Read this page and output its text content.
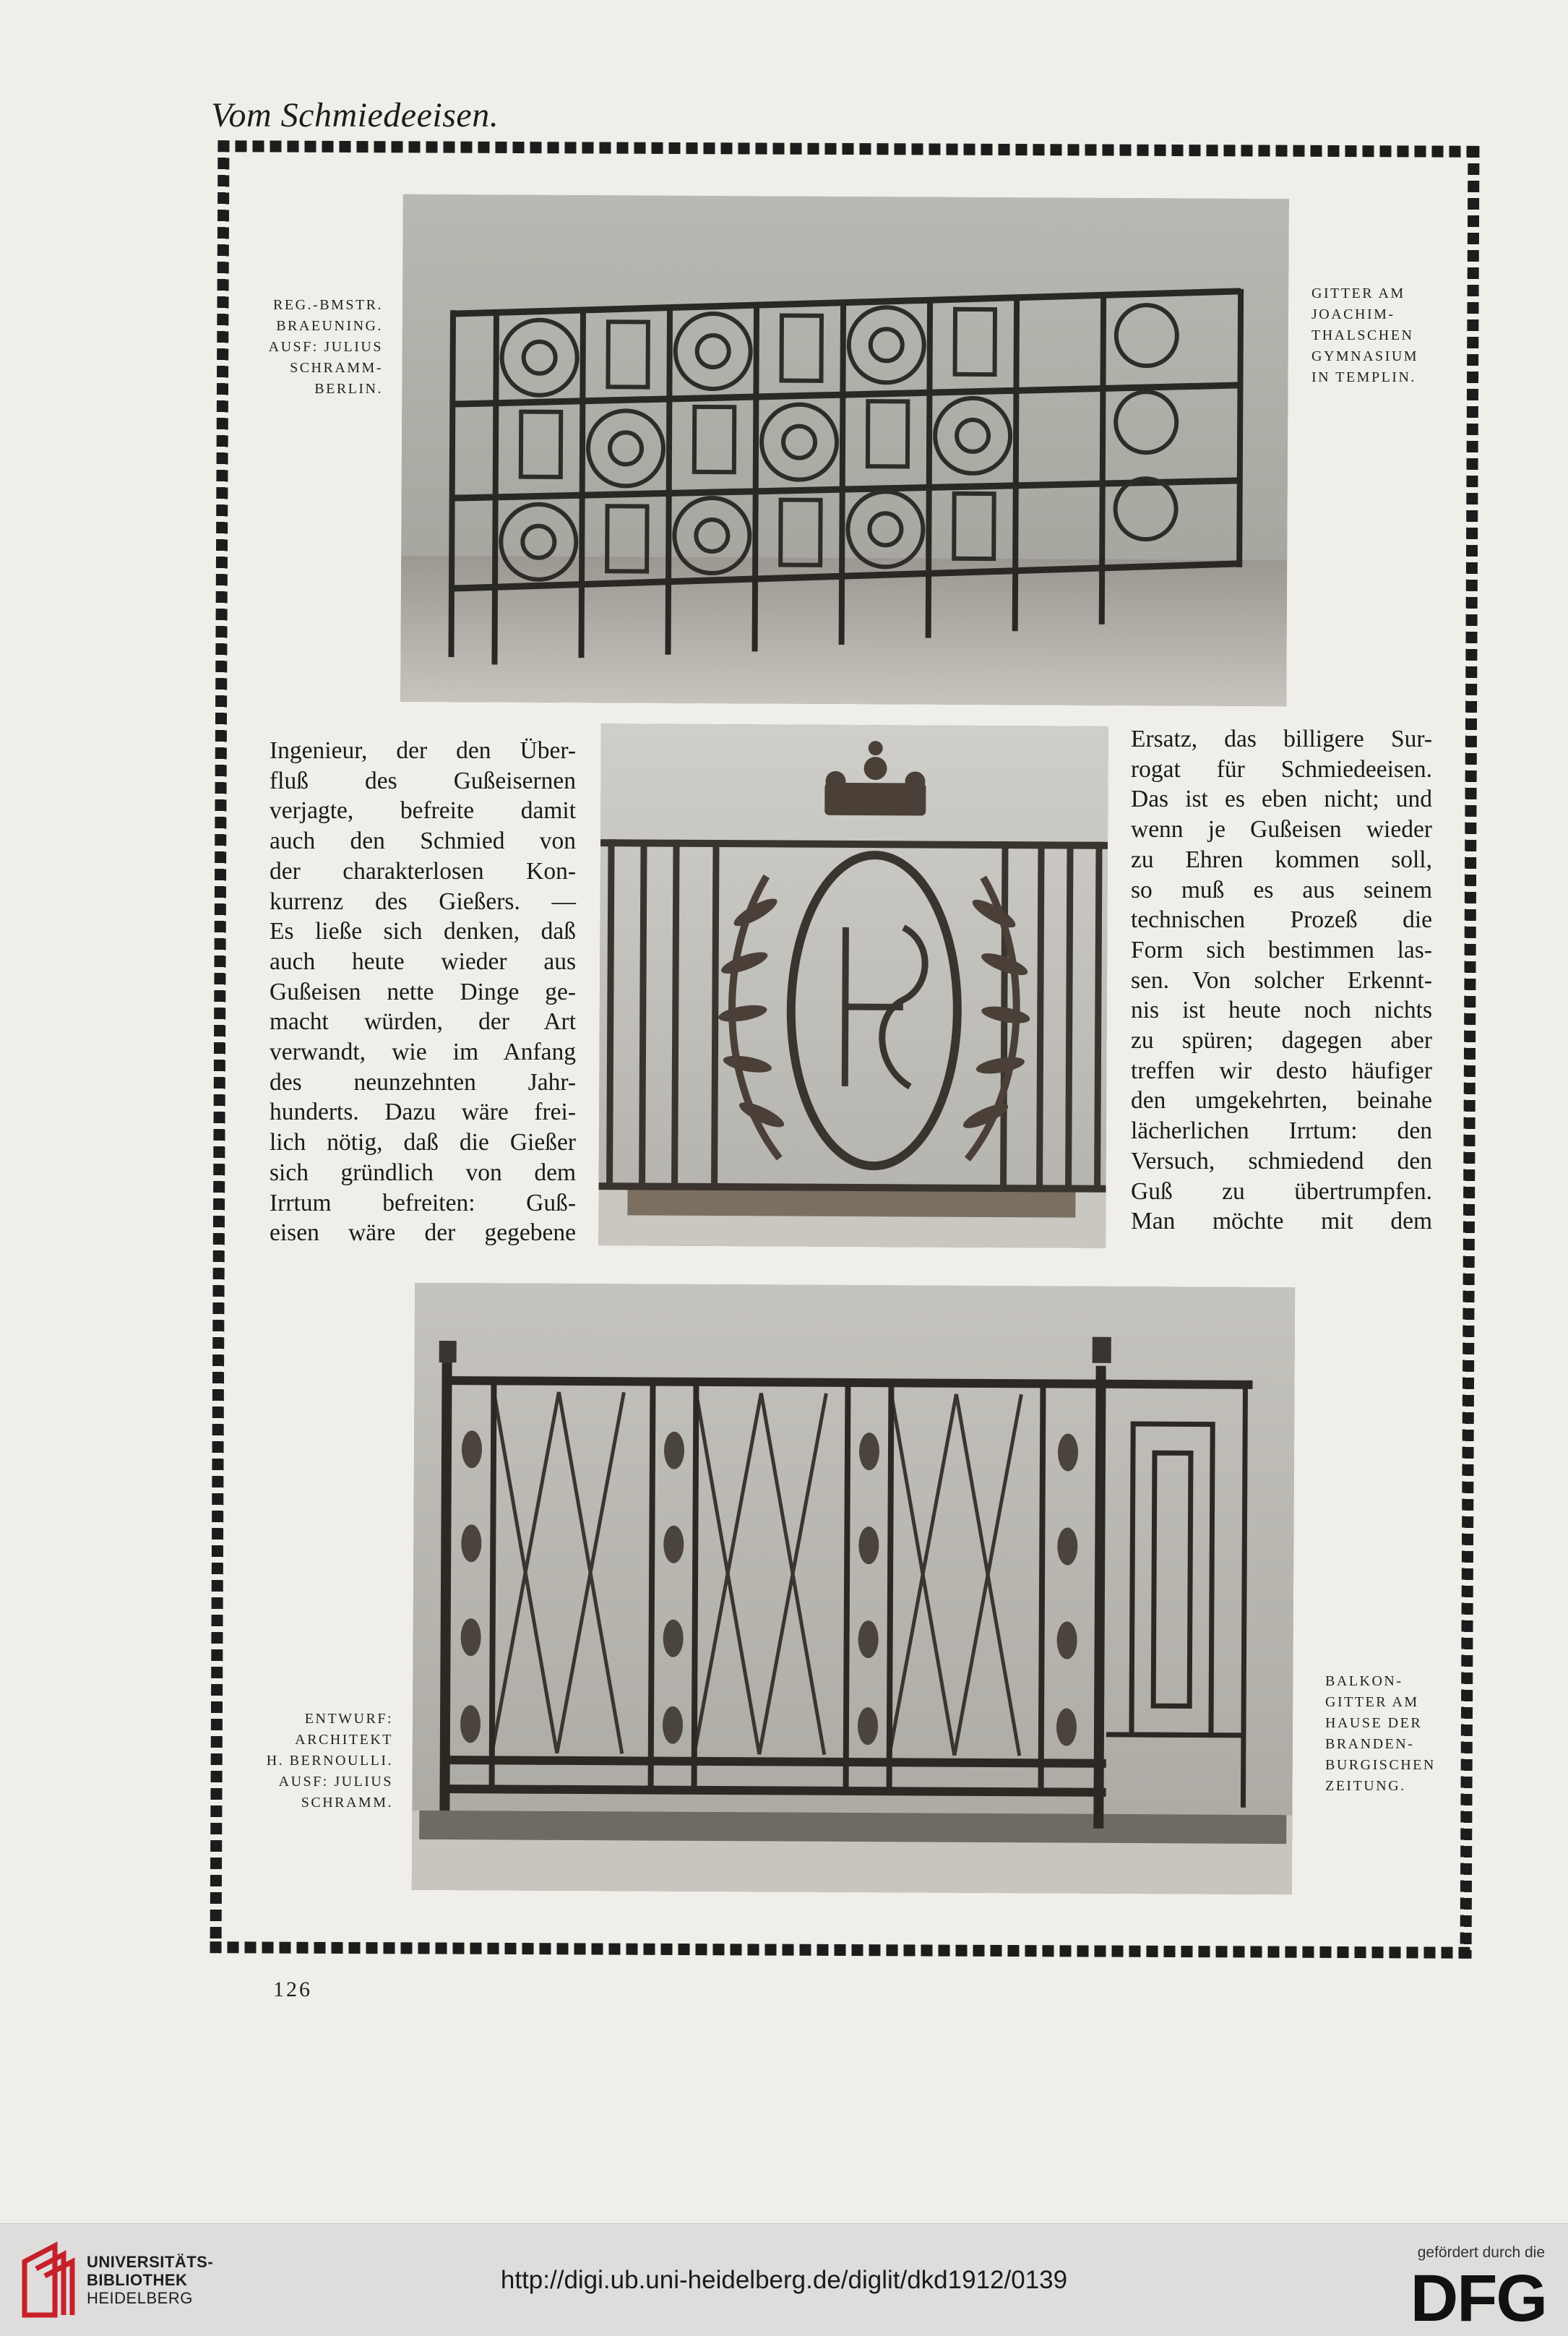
Vom Schmiedeeisen.
REG.-BMSTR.
BRAEUNING.
AUSF: JULIUS
SCHRAMM-
BERLIN.
GITTER AM
JOACHIM-
THALSCHEN
GYMNASIUM
IN TEMPLIN.
Ingenieur, der den Über-
fluß des Gußeisernen
verjagte, befreite damit
auch den Schmied von
der charakterlosen Kon-
kurrenz des Gießers. —
Es ließe sich denken, daß
auch heute wieder aus
Gußeisen nette Dinge ge-
macht würden, der Art
verwandt, wie im Anfang
des neunzehnten Jahr-
hunderts. Dazu wäre frei-
lich nötig, daß die Gießer
sich gründlich von dem
Irrtum befreiten: Guß-
eisen wäre der gegebene
Ersatz, das billigere Sur-
rogat für Schmiedeeisen.
Das ist es eben nicht; und
wenn je Gußeisen wieder
zu Ehren kommen soll,
so muß es aus seinem
technischen Prozeß die
Form sich bestimmen las-
sen. Von solcher Erkennt-
nis ist heute noch nichts
zu spüren; dagegen aber
treffen wir desto häufiger
den umgekehrten, beinahe
lächerlichen Irrtum: den
Versuch, schmiedend den
Guß zu übertrumpfen.
Man möchte mit dem
ENTWURF:
ARCHITEKT
H. BERNOULLI.
AUSF: JULIUS
SCHRAMM.
BALKON-
GITTER AM
HAUSE DER
BRANDEN-
BURGISCHEN
ZEITUNG.
126
UNIVERSITÄTS-
BIBLIOTHEK
HEIDELBERG
http://digi.ub.uni-heidelberg.de/diglit/dkd1912/0139
gefördert durch die
DFG
